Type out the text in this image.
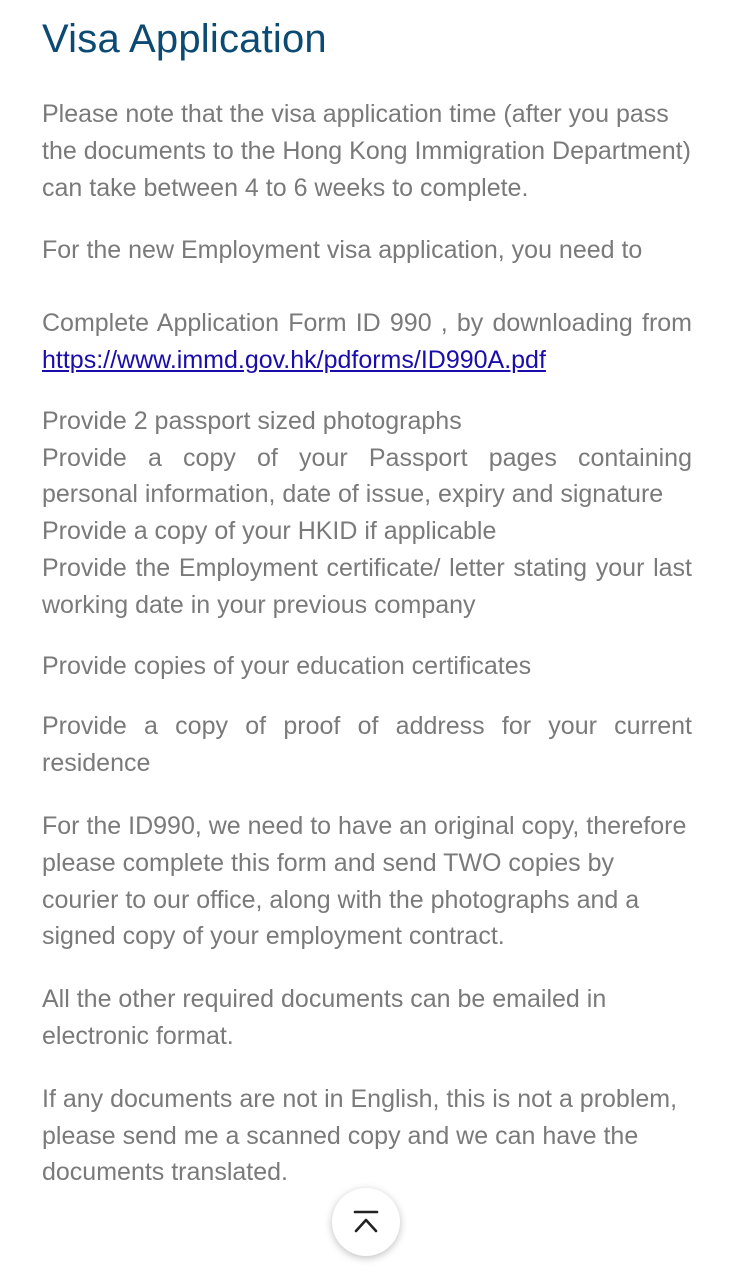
Visa Application

Please note that the visa application time (after you pass the documents to the Hong Kong Immigration Department) can take between 4 to 6 weeks to complete.

For the new Employment visa application, you need to

Complete Application Form ID 990 , by downloading from https://www.immd.gov.hk/pdforms/ID990A.pdf

Provide 2 passport sized photographs
Provide a copy of your Passport pages containing personal information, date of issue, expiry and signature
Provide a copy of your HKID if applicable
Provide the Employment certificate/ letter stating your last working date in your previous company

Provide copies of your education certificates

Provide a copy of proof of address for your current residence

For the ID990, we need to have an original copy, therefore please complete this form and send TWO copies by courier to our office, along with the photographs and a signed copy of your employment contract.

All the other required documents can be emailed in electronic format.

If any documents are not in English, this is not a problem, please send me a scanned copy and we can have the documents translated.
